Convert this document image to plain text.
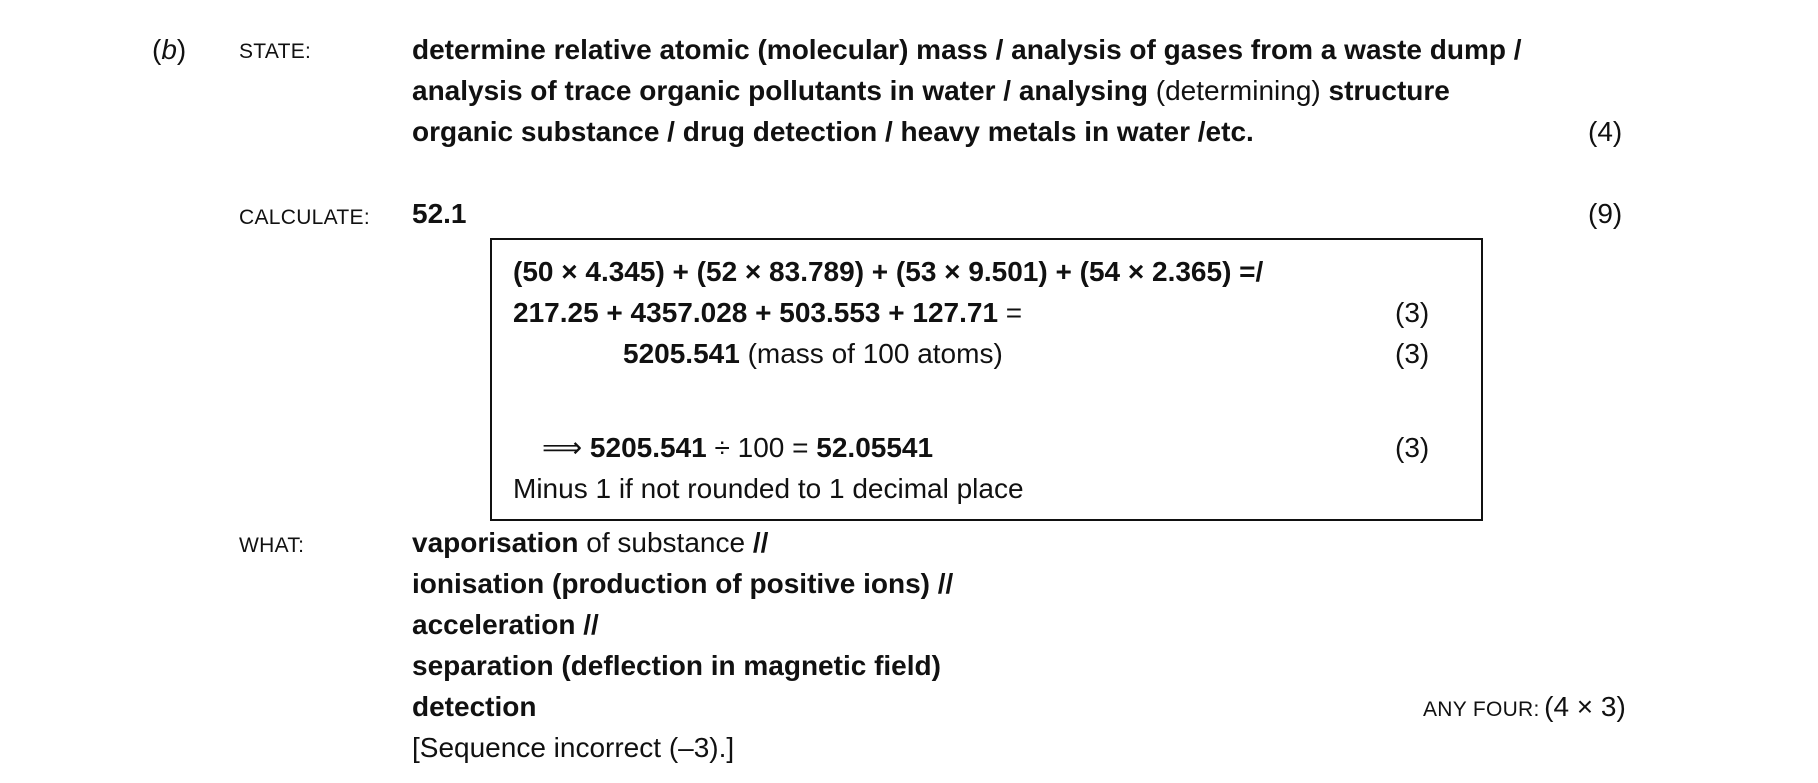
(b)	STATE:	determine relative atomic (molecular) mass / analysis of gases from a waste dump /
analysis of trace organic pollutants in water / analysing (determining) structure
organic substance / drug detection / heavy metals in water /etc.	(4)
CALCULATE: 52.1	(9)
(50 × 4.345) + (52 × 83.789) + (53 × 9.501) + (54 × 2.365) =/
217.25 + 4357.028 + 503.553 + 127.71 =	(3)
5205.541 (mass of 100 atoms)	(3)
⟹ 5205.541 ÷ 100 = 52.05541	(3)
Minus 1 if not rounded to 1 decimal place
WHAT:	vaporisation of substance //
ionisation (production of positive ions) //
acceleration //
separation (deflection in magnetic field)
detection
[Sequence incorrect (–3).]
ANY FOUR: (4 × 3)
